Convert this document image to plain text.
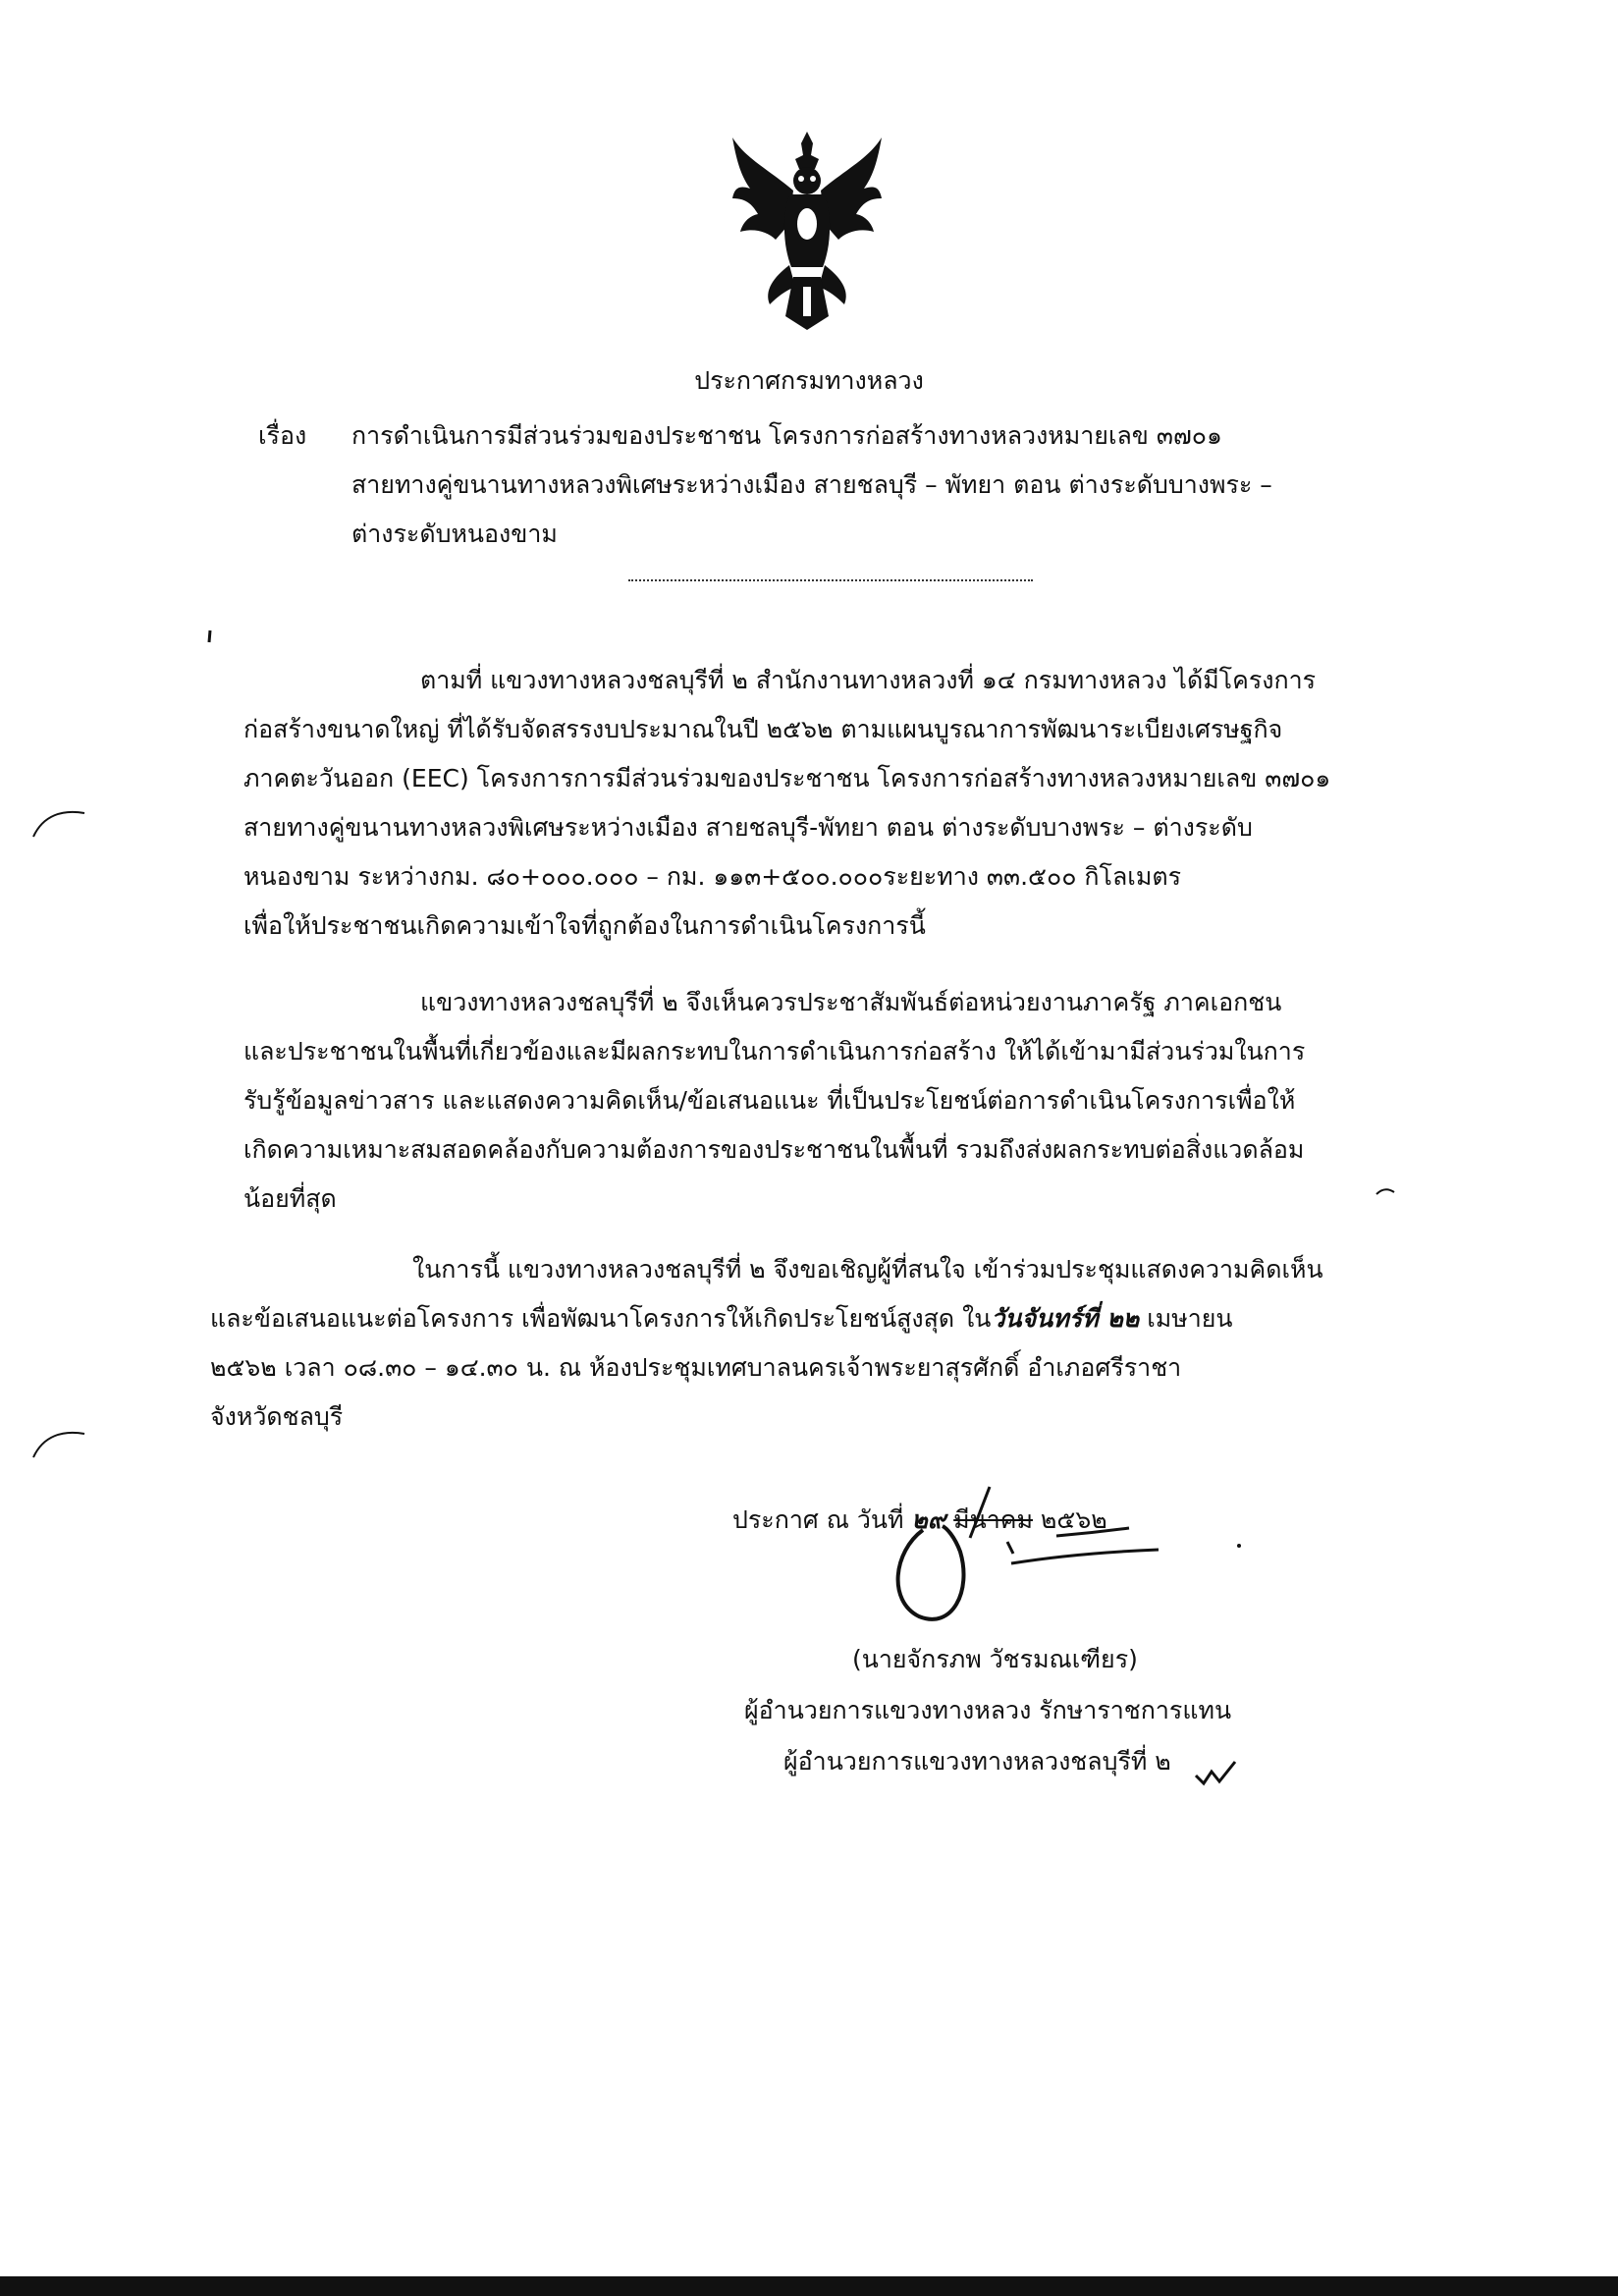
ประกาศกรมทางหลวง
เรื่อง การดำเนินการมีส่วนร่วมของประชาชน โครงการก่อสร้างทางหลวงหมายเลข ๓๗๐๑
สายทางคู่ขนานทางหลวงพิเศษระหว่างเมือง สายชลบุรี – พัทยา ตอน ต่างระดับบางพระ –
ต่างระดับหนองขาม
ตามที่ แขวงทางหลวงชลบุรีที่ ๒ สำนักงานทางหลวงที่ ๑๔ กรมทางหลวง ได้มีโครงการ
ก่อสร้างขนาดใหญ่ ที่ได้รับจัดสรรงบประมาณในปี ๒๕๖๒ ตามแผนบูรณาการพัฒนาระเบียงเศรษฐกิจ
ภาคตะวันออก (EEC) โครงการการมีส่วนร่วมของประชาชน โครงการก่อสร้างทางหลวงหมายเลข ๓๗๐๑
สายทางคู่ขนานทางหลวงพิเศษระหว่างเมือง สายชลบุรี-พัทยา ตอน ต่างระดับบางพระ – ต่างระดับ
หนองขาม ระหว่างกม. ๘๐+๐๐๐.๐๐๐ – กม. ๑๑๓+๕๐๐.๐๐๐ระยะทาง ๓๓.๕๐๐ กิโลเมตร
เพื่อให้ประชาชนเกิดความเข้าใจที่ถูกต้องในการดำเนินโครงการนี้
แขวงทางหลวงชลบุรีที่ ๒ จึงเห็นควรประชาสัมพันธ์ต่อหน่วยงานภาครัฐ ภาคเอกชน
และประชาชนในพื้นที่เกี่ยวข้องและมีผลกระทบในการดำเนินการก่อสร้าง ให้ได้เข้ามามีส่วนร่วมในการ
รับรู้ข้อมูลข่าวสาร และแสดงความคิดเห็น/ข้อเสนอแนะ ที่เป็นประโยชน์ต่อการดำเนินโครงการเพื่อให้
เกิดความเหมาะสมสอดคล้องกับความต้องการของประชาชนในพื้นที่ รวมถึงส่งผลกระทบต่อสิ่งแวดล้อม
น้อยที่สุด
ในการนี้ แขวงทางหลวงชลบุรีที่ ๒ จึงขอเชิญผู้ที่สนใจ เข้าร่วมประชุมแสดงความคิดเห็น
และข้อเสนอแนะต่อโครงการ เพื่อพัฒนาโครงการให้เกิดประโยชน์สูงสุด ในวันจันทร์ที่ ๒๒ เมษายน
๒๕๖๒ เวลา ๐๘.๓๐ – ๑๔.๓๐ น. ณ ห้องประชุมเทศบาลนครเจ้าพระยาสุรศักดิ์ อำเภอศรีราชา
จังหวัดชลบุรี
ประกาศ ณ วันที่ ๒๙ มีนาคม ๒๕๖๒
(นายจักรภพ วัชรมณเฑียร)
ผู้อำนวยการแขวงทางหลวง รักษาราชการแทน
ผู้อำนวยการแขวงทางหลวงชลบุรีที่ ๒
